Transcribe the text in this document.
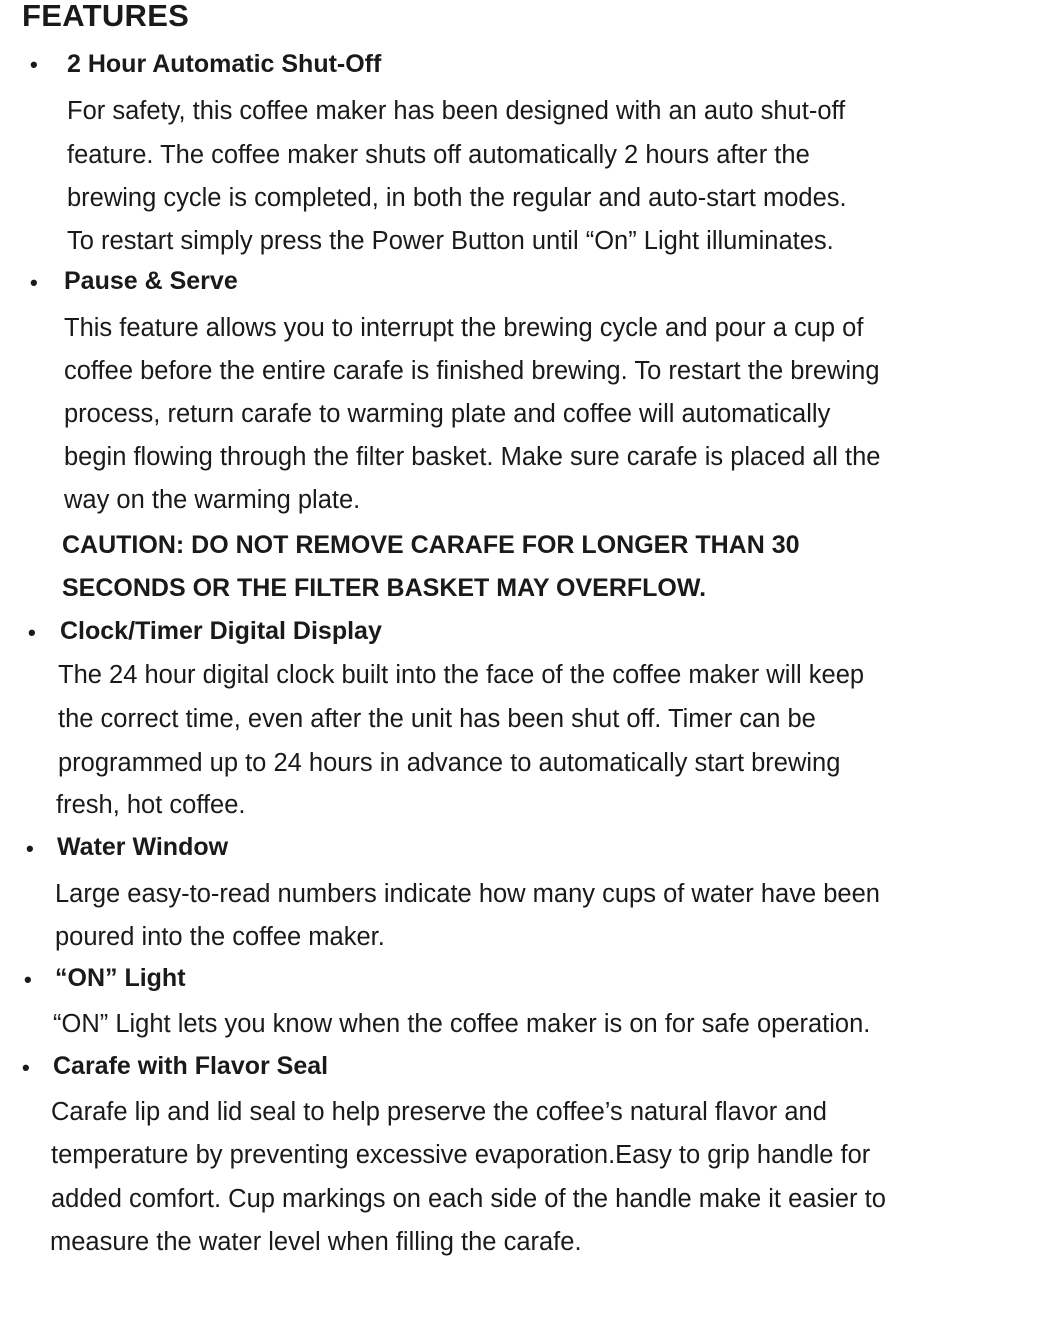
FEATURES
• 2 Hour Automatic Shut-Off
For safety, this coffee maker has been designed with an auto shut-off
feature. The coffee maker shuts off automatically 2 hours after the
brewing cycle is completed, in both the regular and auto-start modes.
To restart simply press the Power Button until “On” Light illuminates.
• Pause & Serve
This feature allows you to interrupt the brewing cycle and pour a cup of
coffee before the entire carafe is finished brewing. To restart the brewing
process, return carafe to warming plate and coffee will automatically
begin flowing through the filter basket. Make sure carafe is placed all the
way on the warming plate.
CAUTION: DO NOT REMOVE CARAFE FOR LONGER THAN 30
SECONDS OR THE FILTER BASKET MAY OVERFLOW.
• Clock/Timer Digital Display
The 24 hour digital clock built into the face of the coffee maker will keep
the correct time, even after the unit has been shut off. Timer can be
programmed up to 24 hours in advance to automatically start brewing
fresh, hot coffee.
• Water Window
Large easy-to-read numbers indicate how many cups of water have been
poured into the coffee maker.
• “ON” Light
“ON” Light lets you know when the coffee maker is on for safe operation.
• Carafe with Flavor Seal
Carafe lip and lid seal to help preserve the coffee’s natural flavor and
temperature by preventing excessive evaporation.Easy to grip handle for
added comfort. Cup markings on each side of the handle make it easier to
measure the water level when filling the carafe.
